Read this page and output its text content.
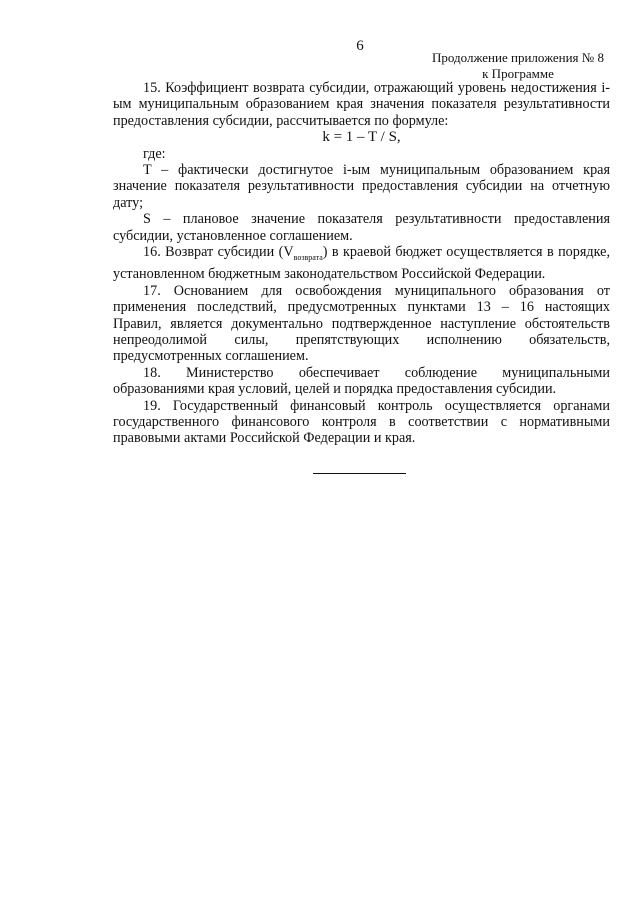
6
Продолжение приложения № 8
к Программе

15. Коэффициент возврата субсидии, отражающий уровень недостижения i-ым муниципальным образованием края значения показателя результативности предоставления субсидии, рассчитывается по формуле:

k = 1 – T / S,

где:

T – фактически достигнутое i-ым муниципальным образованием края значение показателя результативности предоставления субсидии на отчетную дату;

S – плановое значение показателя результативности предоставления субсидии, установленное соглашением.

16. Возврат субсидии $(V_{возврата})$ в краевой бюджет осуществляется в порядке, установленном бюджетным законодательством Российской Федерации.

17. Основанием для освобождения муниципального образования от применения последствий, предусмотренных пунктами 13 – 16 настоящих Правил, является документально подтвержденное наступление обстоятельств непреодолимой силы, препятствующих исполнению обязательств, предусмотренных соглашением.

18. Министерство обеспечивает соблюдение муниципальными образованиями края условий, целей и порядка предоставления субсидии.

19. Государственный финансовый контроль осуществляется органами государственного финансового контроля в соответствии с нормативными правовыми актами Российской Федерации и края.
